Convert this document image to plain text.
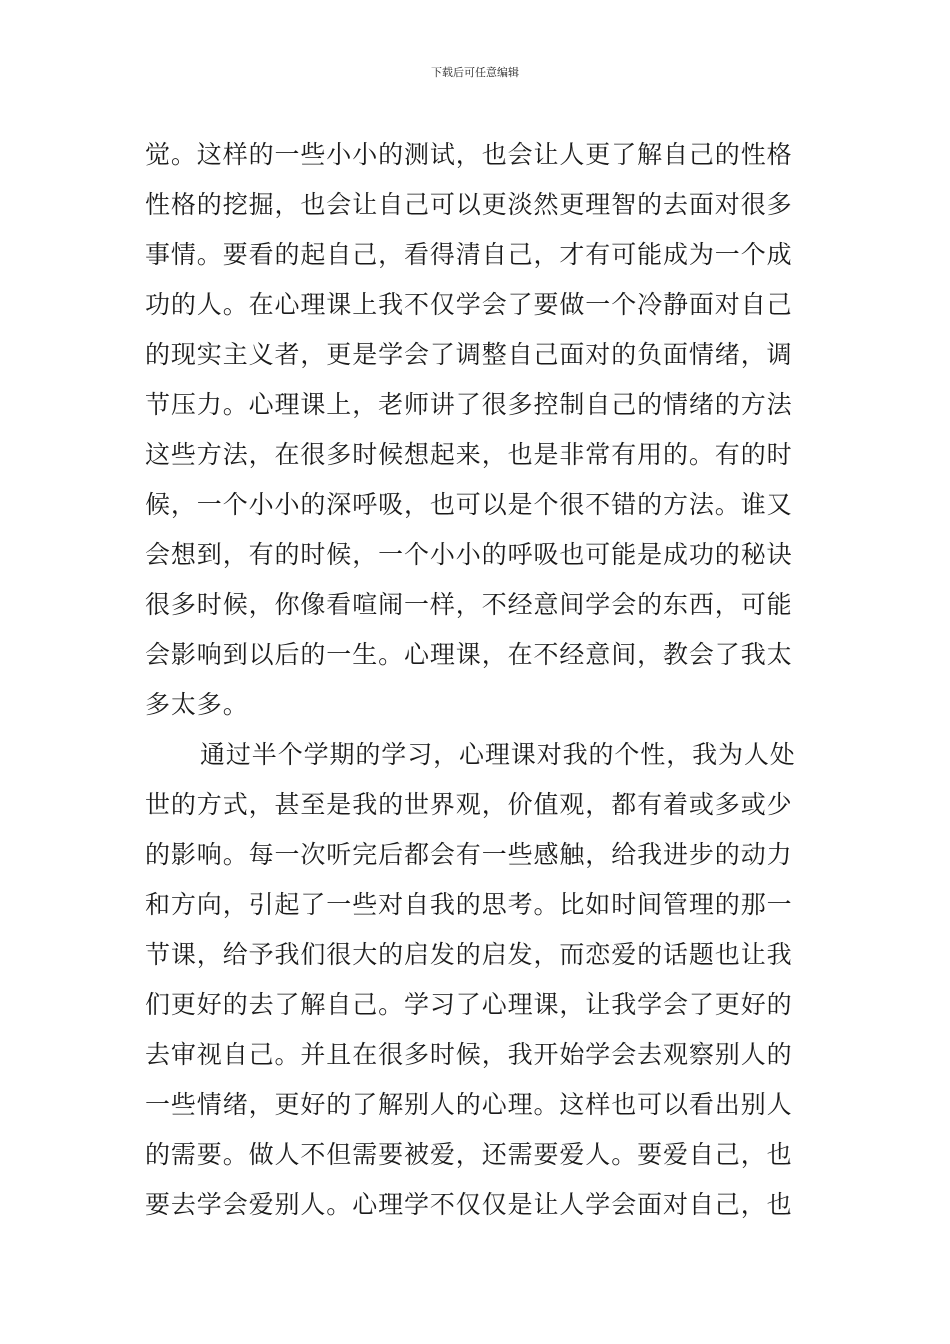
下载后可任意编辑
觉。这样的一些小小的测试，也会让人更了解自己的性格
性格的挖掘，也会让自己可以更淡然更理智的去面对很多
事情。要看的起自己，看得清自己，才有可能成为一个成
功的人。在心理课上我不仅学会了要做一个冷静面对自己
的现实主义者，更是学会了调整自己面对的负面情绪，调
节压力。心理课上，老师讲了很多控制自己的情绪的方法
这些方法，在很多时候想起来，也是非常有用的。有的时
候，一个小小的深呼吸，也可以是个很不错的方法。谁又
会想到，有的时候，一个小小的呼吸也可能是成功的秘诀
很多时候，你像看喧闹一样，不经意间学会的东西，可能
会影响到以后的一生。心理课，在不经意间，教会了我太
多太多。
通过半个学期的学习，心理课对我的个性，我为人处
世的方式，甚至是我的世界观，价值观，都有着或多或少
的影响。每一次听完后都会有一些感触，给我进步的动力
和方向，引起了一些对自我的思考。比如时间管理的那一
节课，给予我们很大的启发的启发，而恋爱的话题也让我
们更好的去了解自己。学习了心理课，让我学会了更好的
去审视自己。并且在很多时候，我开始学会去观察别人的
一些情绪，更好的了解别人的心理。这样也可以看出别人
的需要。做人不但需要被爱，还需要爱人。要爱自己，也
要去学会爱别人。心理学不仅仅是让人学会面对自己，也
